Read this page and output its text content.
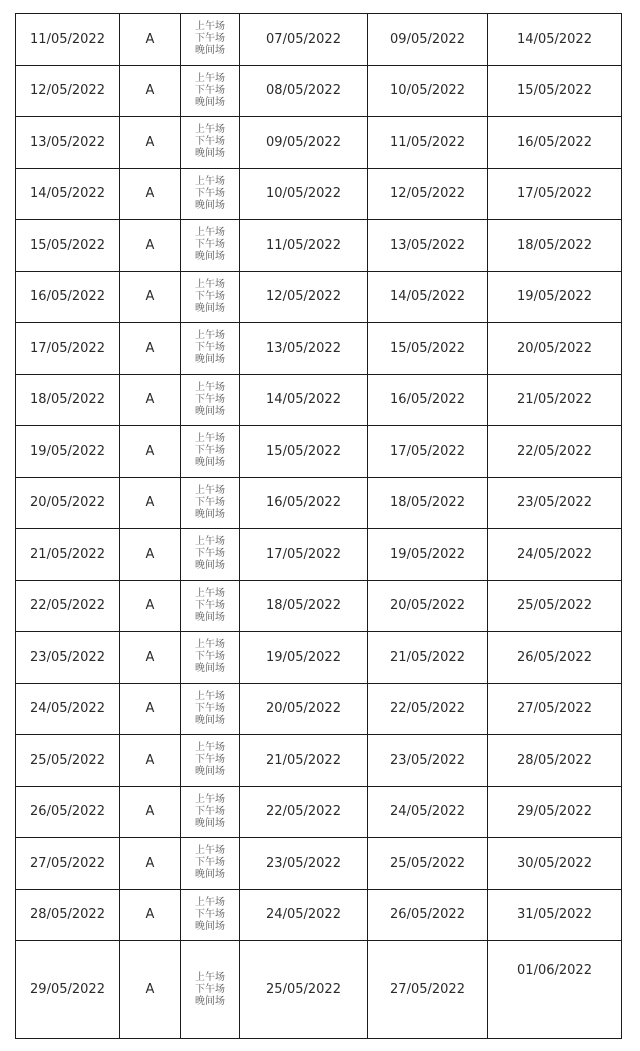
11/05/2022	A	上午场
下午场
晚间场	07/05/2022	09/05/2022	14/05/2022
12/05/2022	A	上午场
下午场
晚间场	08/05/2022	10/05/2022	15/05/2022
13/05/2022	A	上午场
下午场
晚间场	09/05/2022	11/05/2022	16/05/2022
14/05/2022	A	上午场
下午场
晚间场	10/05/2022	12/05/2022	17/05/2022
15/05/2022	A	上午场
下午场
晚间场	11/05/2022	13/05/2022	18/05/2022
16/05/2022	A	上午场
下午场
晚间场	12/05/2022	14/05/2022	19/05/2022
17/05/2022	A	上午场
下午场
晚间场	13/05/2022	15/05/2022	20/05/2022
18/05/2022	A	上午场
下午场
晚间场	14/05/2022	16/05/2022	21/05/2022
19/05/2022	A	上午场
下午场
晚间场	15/05/2022	17/05/2022	22/05/2022
20/05/2022	A	上午场
下午场
晚间场	16/05/2022	18/05/2022	23/05/2022
21/05/2022	A	上午场
下午场
晚间场	17/05/2022	19/05/2022	24/05/2022
22/05/2022	A	上午场
下午场
晚间场	18/05/2022	20/05/2022	25/05/2022
23/05/2022	A	上午场
下午场
晚间场	19/05/2022	21/05/2022	26/05/2022
24/05/2022	A	上午场
下午场
晚间场	20/05/2022	22/05/2022	27/05/2022
25/05/2022	A	上午场
下午场
晚间场	21/05/2022	23/05/2022	28/05/2022
26/05/2022	A	上午场
下午场
晚间场	22/05/2022	24/05/2022	29/05/2022
27/05/2022	A	上午场
下午场
晚间场	23/05/2022	25/05/2022	30/05/2022
28/05/2022	A	上午场
下午场
晚间场	24/05/2022	26/05/2022	31/05/2022
29/05/2022	A	上午场
下午场
晚间场	25/05/2022	27/05/2022	01/06/2022
